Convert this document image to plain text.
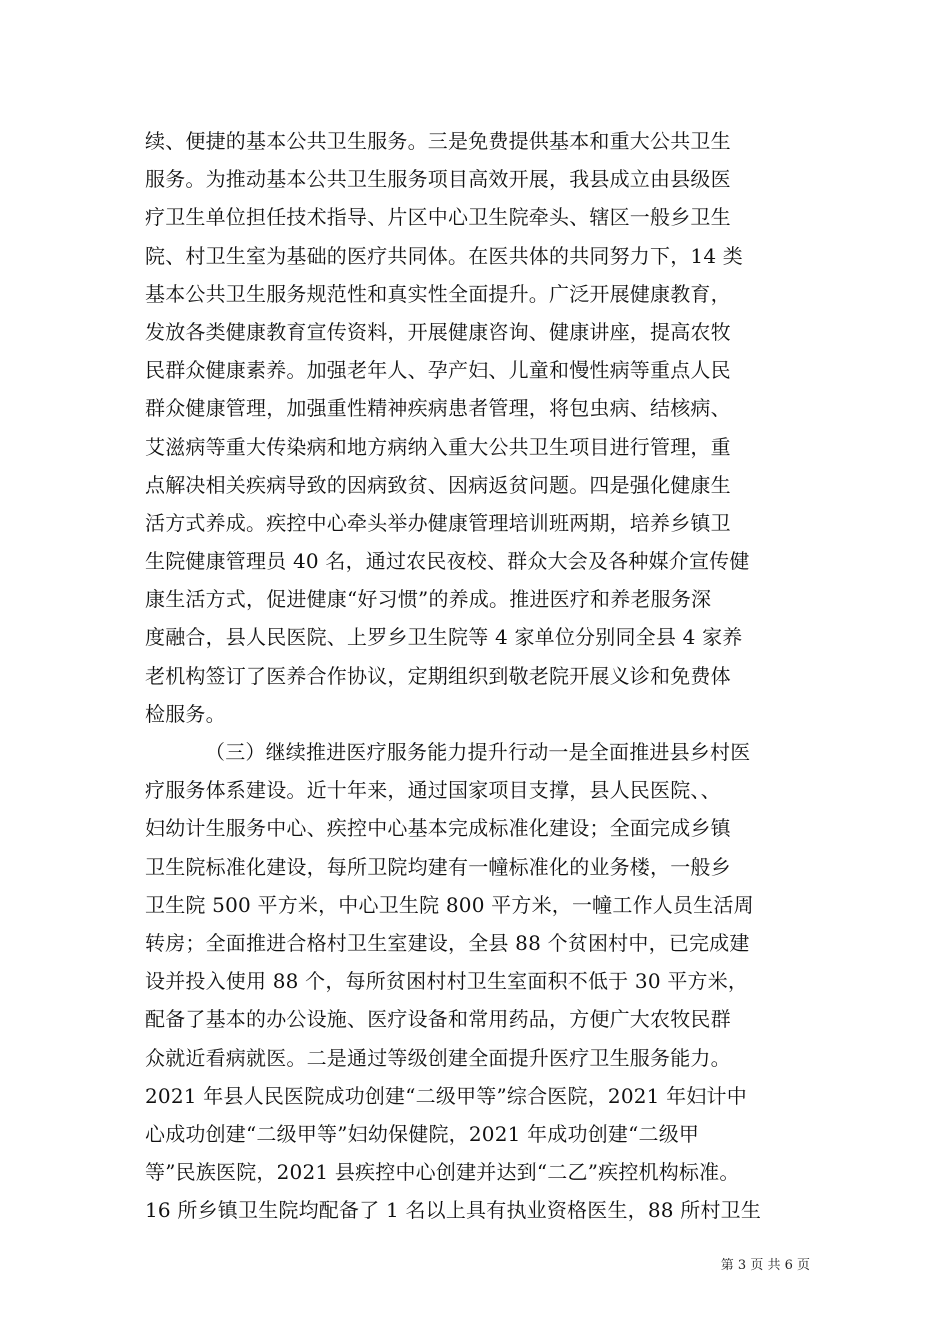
续、便捷的基本公共卫生服务。三是免费提供基本和重大公共卫生
服务。为推动基本公共卫生服务项目高效开展，我县成立由县级医
疗卫生单位担任技术指导、片区中心卫生院牵头、辖区一般乡卫生
院、村卫生室为基础的医疗共同体。在医共体的共同努力下，14 类
基本公共卫生服务规范性和真实性全面提升。广泛开展健康教育，
发放各类健康教育宣传资料，开展健康咨询、健康讲座，提高农牧
民群众健康素养。加强老年人、孕产妇、儿童和慢性病等重点人民
群众健康管理，加强重性精神疾病患者管理，将包虫病、结核病、
艾滋病等重大传染病和地方病纳入重大公共卫生项目进行管理，重
点解决相关疾病导致的因病致贫、因病返贫问题。四是强化健康生
活方式养成。疾控中心牵头举办健康管理培训班两期，培养乡镇卫
生院健康管理员 40 名，通过农民夜校、群众大会及各种媒介宣传健
康生活方式，促进健康“好习惯”的养成。推进医疗和养老服务深
度融合，县人民医院、上罗乡卫生院等 4 家单位分别同全县 4 家养
老机构签订了医养合作协议，定期组织到敬老院开展义诊和免费体
检服务。
（三）继续推进医疗服务能力提升行动一是全面推进县乡村医
疗服务体系建设。近十年来，通过国家项目支撑，县人民医院、、
妇幼计生服务中心、疾控中心基本完成标准化建设；全面完成乡镇
卫生院标准化建设，每所卫院均建有一幢标准化的业务楼，一般乡
卫生院 500 平方米，中心卫生院 800 平方米，一幢工作人员生活周
转房；全面推进合格村卫生室建设，全县 88 个贫困村中，已完成建
设并投入使用 88 个，每所贫困村村卫生室面积不低于 30 平方米，
配备了基本的办公设施、医疗设备和常用药品，方便广大农牧民群
众就近看病就医。二是通过等级创建全面提升医疗卫生服务能力。
2021 年县人民医院成功创建“二级甲等”综合医院，2021 年妇计中
心成功创建“二级甲等”妇幼保健院，2021 年成功创建“二级甲
等”民族医院，2021 县疾控中心创建并达到“二乙”疾控机构标准。
16 所乡镇卫生院均配备了 1 名以上具有执业资格医生，88 所村卫生
第 3 页 共 6 页
